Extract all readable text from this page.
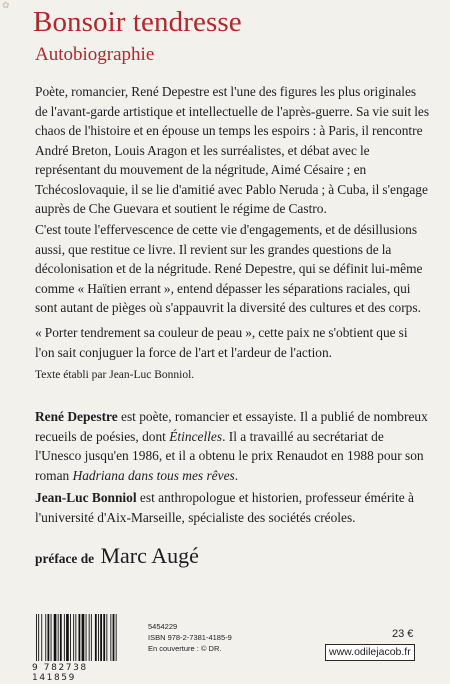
✿ Bonsoir tendresse
Autobiographie

Poète, romancier, René Depestre est l'une des figures les plus originales de l'avant-garde artistique et intellectuelle de l'après-guerre. Sa vie suit les chaos de l'histoire et en épouse un temps les espoirs : à Paris, il rencontre André Breton, Louis Aragon et les surréalistes, et débat avec le représentant du mouvement de la négritude, Aimé Césaire ; en Tchécoslovaquie, il se lie d'amitié avec Pablo Neruda ; à Cuba, il s'engage auprès de Che Guevara et soutient le régime de Castro.

C'est toute l'effervescence de cette vie d'engagements, et de désillusions aussi, que restitue ce livre. Il revient sur les grandes questions de la décolonisation et de la négritude. René Depestre, qui se définit lui-même comme « Haïtien errant », entend dépasser les séparations raciales, qui sont autant de pièges où s'appauvrit la diversité des cultures et des corps.

« Porter tendrement sa couleur de peau », cette paix ne s'obtient que si l'on sait conjuguer la force de l'art et l'ardeur de l'action.

Texte établi par Jean-Luc Bonniol.

René Depestre est poète, romancier et essayiste. Il a publié de nombreux recueils de poésies, dont Étincelles. Il a travaillé au secrétariat de l'Unesco jusqu'en 1986, et il a obtenu le prix Renaudot en 1988 pour son roman Hadriana dans tous mes rêves.

Jean-Luc Bonniol est anthropologue et historien, professeur émérite à l'université d'Aix-Marseille, spécialiste des sociétés créoles.

préface de Marc Augé

9 782738 141859
5454229
ISBN 978-2-7381-4185-9
En couverture : © DR.
23 €
www.odilejacob.fr
